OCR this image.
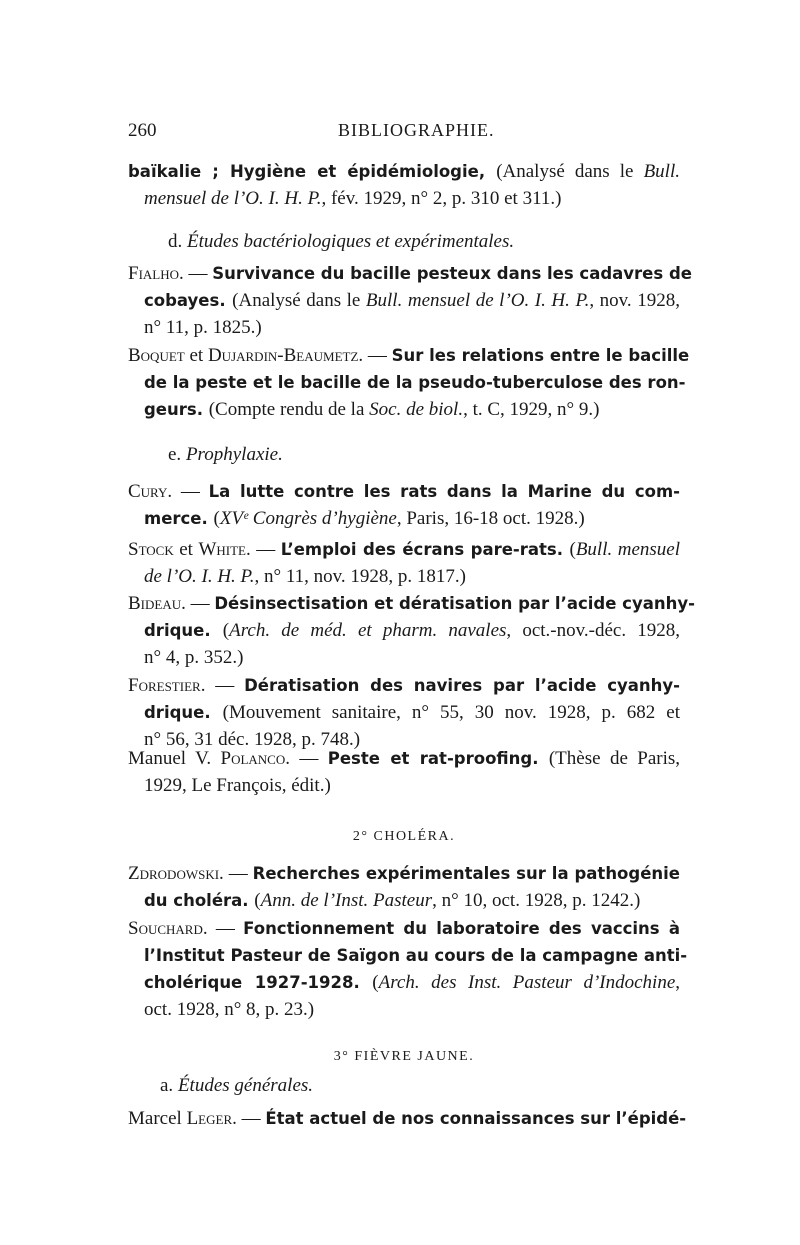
260	BIBLIOGRAPHIE.
baïkalie ; Hygiène et épidémiologie, (Analysé dans le Bull.
mensuel de l’O. I. H. P., fév. 1929, n° 2, p. 310 et 311.)
d. Études bactériologiques et expérimentales.
Fialho. — Survivance du bacille pesteux dans les cadavres de
cobayes. (Analysé dans le Bull. mensuel de l’O. I. H. P., nov. 1928,
n° 11, p. 1825.)
Boquet et Dujardin-Beaumetz. — Sur les relations entre le bacille
de la peste et le bacille de la pseudo-tuberculose des ron-
geurs. (Compte rendu de la Soc. de biol., t. C, 1929, n° 9.)
e. Prophylaxie.
Cury. — La lutte contre les rats dans la Marine du com-
merce. (XVᵉ Congrès d’hygiène, Paris, 16-18 oct. 1928.)
Stock et White. — L’emploi des écrans pare-rats. (Bull. mensuel
de l’O. I. H. P., n° 11, nov. 1928, p. 1817.)
Bideau. — Désinsectisation et dératisation par l’acide cyanhy-
drique. (Arch. de méd. et pharm. navales, oct.-nov.-déc. 1928,
n° 4, p. 352.)
Forestier. — Dératisation des navires par l’acide cyanhy-
drique. (Mouvement sanitaire, n° 55, 30 nov. 1928, p. 682 et
n° 56, 31 déc. 1928, p. 748.)
Manuel V. Polanco. — Peste et rat-proofing. (Thèse de Paris,
1929, Le François, édit.)
2° CHOLÉRA.
Zdrodowski. — Recherches expérimentales sur la pathogénie
du choléra. (Ann. de l’Inst. Pasteur, n° 10, oct. 1928, p. 1242.)
Souchard. — Fonctionnement du laboratoire des vaccins à
l’Institut Pasteur de Saïgon au cours de la campagne anti-
cholérique 1927-1928. (Arch. des Inst. Pasteur d’Indochine,
oct. 1928, n° 8, p. 23.)
3° FIÈVRE JAUNE.
a. Études générales.
Marcel Leger. — État actuel de nos connaissances sur l’épidé-
